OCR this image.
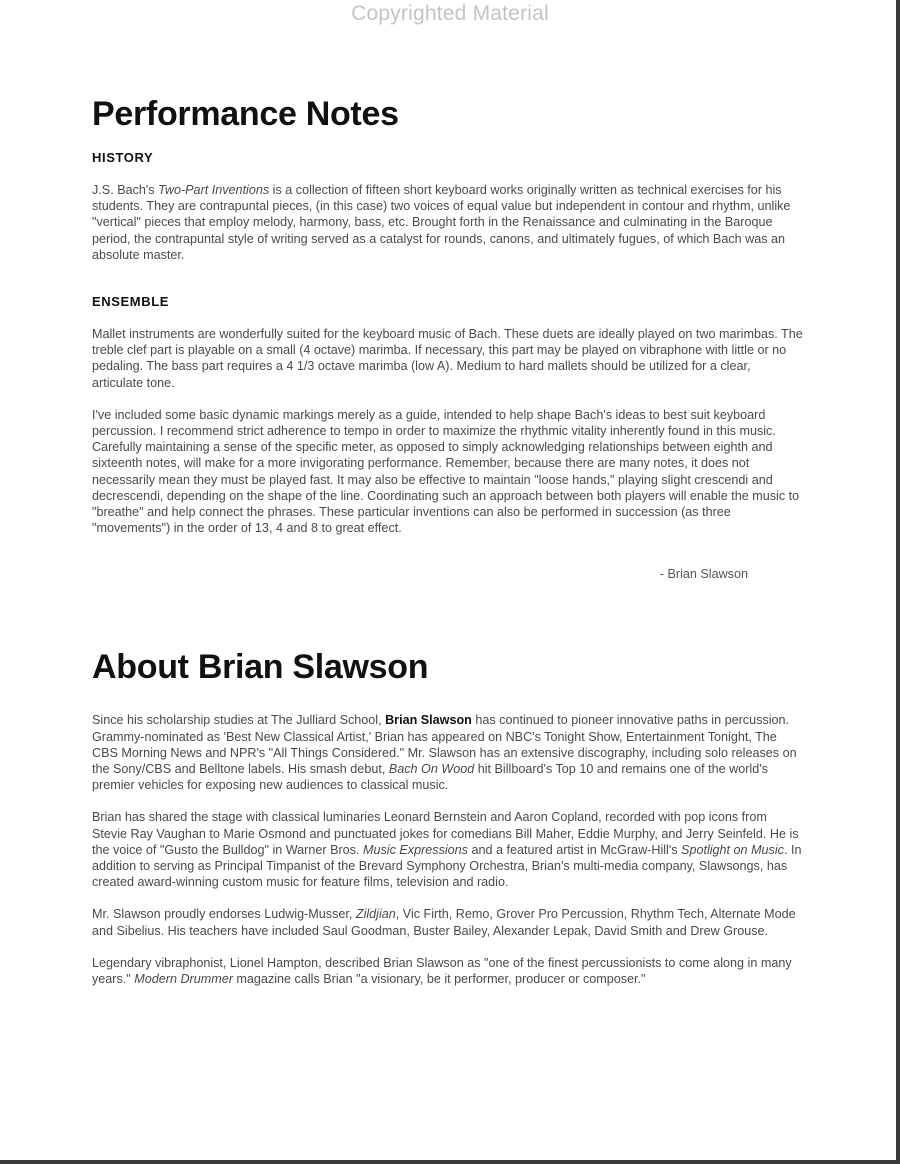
Copyrighted Material
Performance Notes
HISTORY

J.S. Bach's Two-Part Inventions is a collection of fifteen short keyboard works originally written as technical exercises for his students. They are contrapuntal pieces, (in this case) two voices of equal value but independent in contour and rhythm, unlike "vertical" pieces that employ melody, harmony, bass, etc. Brought forth in the Renaissance and culminating in the Baroque period, the contrapuntal style of writing served as a catalyst for rounds, canons, and ultimately fugues, of which Bach was an absolute master.

ENSEMBLE

Mallet instruments are wonderfully suited for the keyboard music of Bach. These duets are ideally played on two marimbas. The treble clef part is playable on a small (4 octave) marimba. If necessary, this part may be played on vibraphone with little or no pedaling. The bass part requires a 4 1/3 octave marimba (low A). Medium to hard mallets should be utilized for a clear, articulate tone.

I've included some basic dynamic markings merely as a guide, intended to help shape Bach's ideas to best suit keyboard percussion. I recommend strict adherence to tempo in order to maximize the rhythmic vitality inherently found in this music. Carefully maintaining a sense of the specific meter, as opposed to simply acknowledging relationships between eighth and sixteenth notes, will make for a more invigorating performance. Remember, because there are many notes, it does not necessarily mean they must be played fast. It may also be effective to maintain "loose hands," playing slight crescendi and decrescendi, depending on the shape of the line. Coordinating such an approach between both players will enable the music to "breathe" and help connect the phrases. These particular inventions can also be performed in succession (as three "movements") in the order of 13, 4 and 8 to great effect.

- Brian Slawson
About Brian Slawson

Since his scholarship studies at The Julliard School, Brian Slawson has continued to pioneer innovative paths in percussion. Grammy-nominated as 'Best New Classical Artist,' Brian has appeared on NBC's Tonight Show, Entertainment Tonight, The CBS Morning News and NPR's "All Things Considered." Mr. Slawson has an extensive discography, including solo releases on the Sony/CBS and Belltone labels. His smash debut, Bach On Wood hit Billboard's Top 10 and remains one of the world's premier vehicles for exposing new audiences to classical music.

Brian has shared the stage with classical luminaries Leonard Bernstein and Aaron Copland, recorded with pop icons from Stevie Ray Vaughan to Marie Osmond and punctuated jokes for comedians Bill Maher, Eddie Murphy, and Jerry Seinfeld. He is the voice of "Gusto the Bulldog" in Warner Bros. Music Expressions and a featured artist in McGraw-Hill's Spotlight on Music. In addition to serving as Principal Timpanist of the Brevard Symphony Orchestra, Brian's multi-media company, Slawsongs, has created award-winning custom music for feature films, television and radio.

Mr. Slawson proudly endorses Ludwig-Musser, Zildjian, Vic Firth, Remo, Grover Pro Percussion, Rhythm Tech, Alternate Mode and Sibelius. His teachers have included Saul Goodman, Buster Bailey, Alexander Lepak, David Smith and Drew Grouse.

Legendary vibraphonist, Lionel Hampton, described Brian Slawson as "one of the finest percussionists to come along in many years." Modern Drummer magazine calls Brian "a visionary, be it performer, producer or composer."
